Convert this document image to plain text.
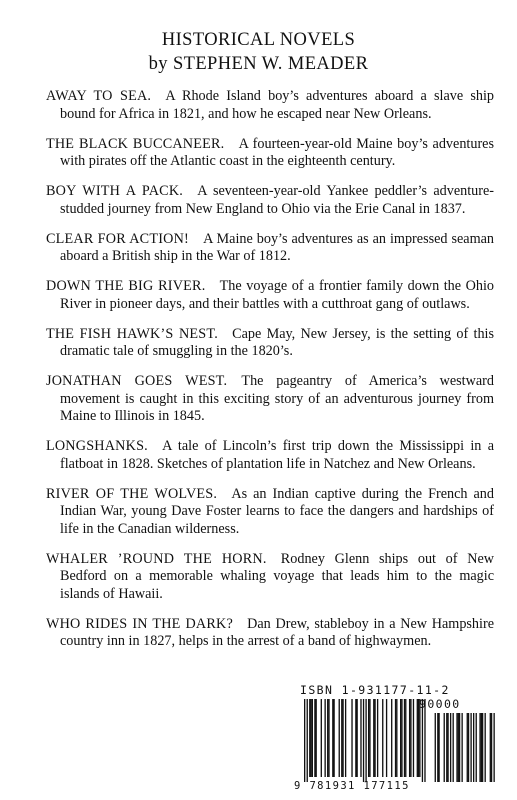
HISTORICAL NOVELS
by STEPHEN W. MEADER

AWAY TO SEA.  A Rhode Island boy’s adventures aboard a slave ship bound for Africa in 1821, and how he escaped near New Orleans.

THE BLACK BUCCANEER.  A fourteen-year-old Maine boy’s adventures with pirates off the Atlantic coast in the eighteenth century.

BOY WITH A PACK.  A seventeen-year-old Yankee peddler’s adventure-studded journey from New England to Ohio via the Erie Canal in 1837.

CLEAR FOR ACTION!  A Maine boy’s adventures as an impressed seaman aboard a British ship in the War of 1812.

DOWN THE BIG RIVER.  The voyage of a frontier family down the Ohio River in pioneer days, and their battles with a cutthroat gang of outlaws.

THE FISH HAWK’S NEST.  Cape May, New Jersey, is the setting of this dramatic tale of smuggling in the 1820’s.

JONATHAN GOES WEST.  The pageantry of America’s westward movement is caught in this exciting story of an adventurous journey from Maine to Illinois in 1845.

LONGSHANKS.  A tale of Lincoln’s first trip down the Mississippi in a flatboat in 1828. Sketches of plantation life in Natchez and New Orleans.

RIVER OF THE WOLVES.  As an Indian captive during the French and Indian War, young Dave Foster learns to face the dangers and hardships of life in the Canadian wilderness.

WHALER ’ROUND THE HORN.  Rodney Glenn ships out of New Bedford on a memorable whaling voyage that leads him to the magic islands of Hawaii.

WHO RIDES IN THE DARK?  Dan Drew, stableboy in a New Hampshire country inn in 1827, helps in the arrest of a band of highwaymen.

ISBN 1-931177-11-2
90000
9 781931 177115
